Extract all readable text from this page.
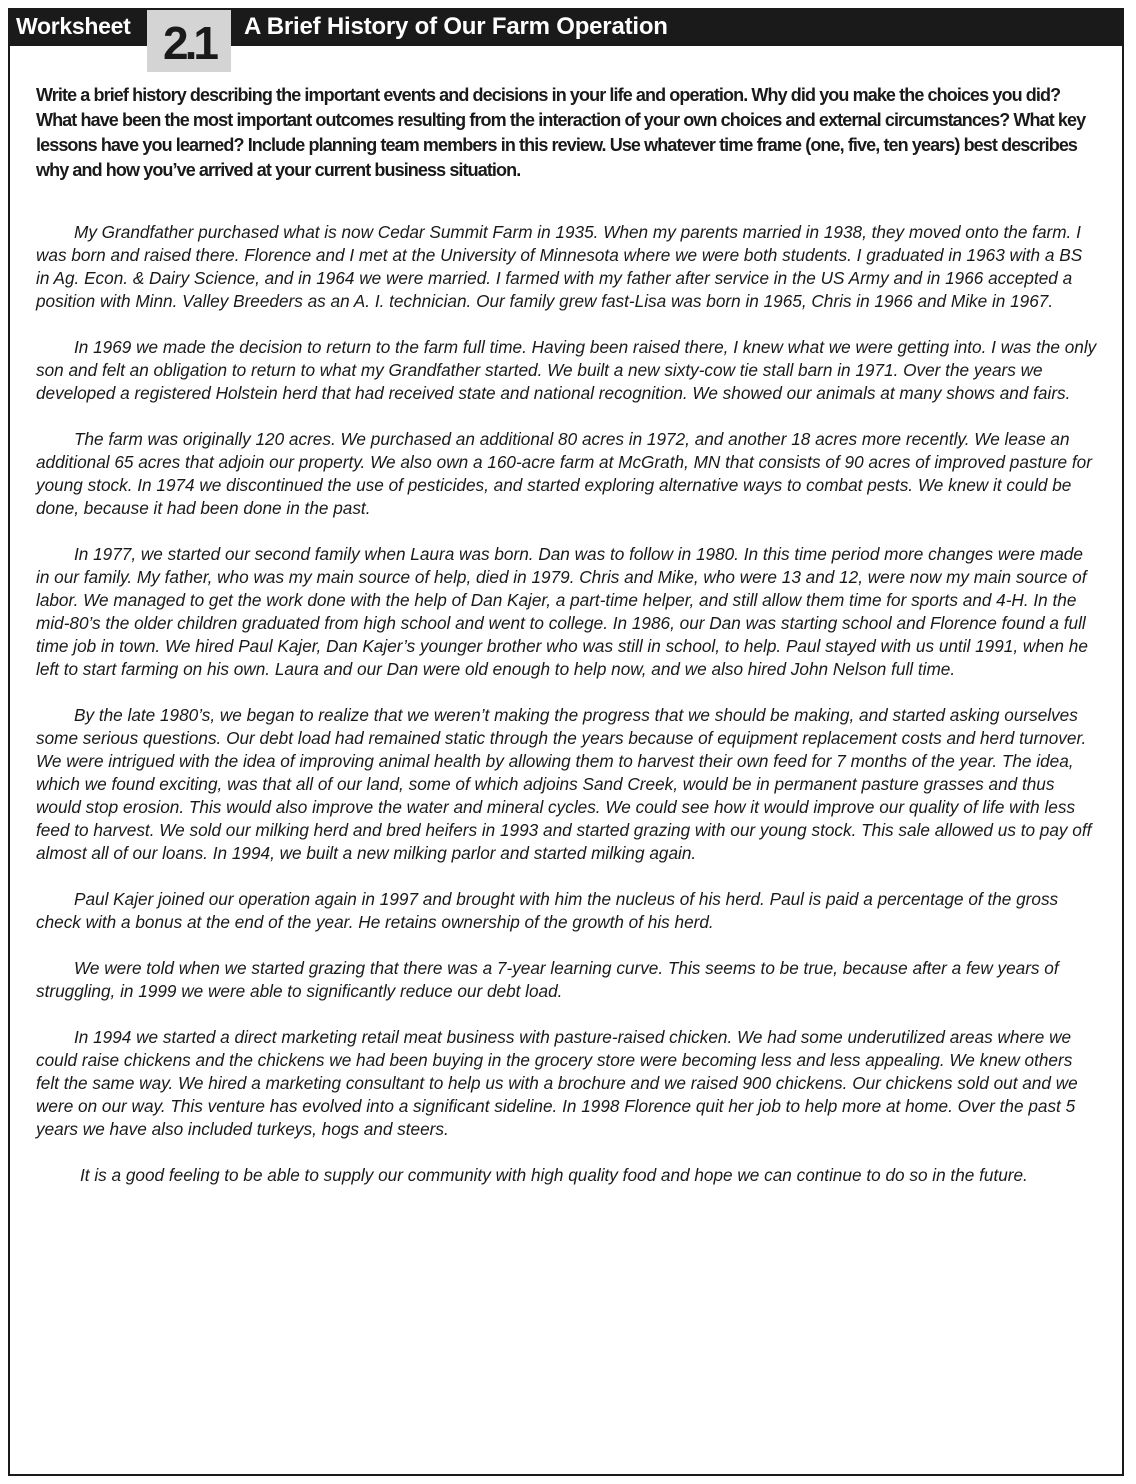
Worksheet 2.1	A Brief History of Our Farm Operation

Write a brief history describing the important events and decisions in your life and operation. Why did you make the choices you did? What have been the most important outcomes resulting from the interaction of your own choices and external circumstances? What key lessons have you learned? Include planning team members in this review. Use whatever time frame (one, five, ten years) best describes why and how you’ve arrived at your current business situation.

My Grandfather purchased what is now Cedar Summit Farm in 1935. When my parents married in 1938, they moved onto the farm. I was born and raised there. Florence and I met at the University of Minnesota where we were both students. I graduated in 1963 with a BS in Ag. Econ. & Dairy Science, and in 1964 we were married. I farmed with my father after service in the US Army and in 1966 accepted a position with Minn. Valley Breeders as an A. I. technician. Our family grew fast-Lisa was born in 1965, Chris in 1966 and Mike in 1967.

In 1969 we made the decision to return to the farm full time. Having been raised there, I knew what we were getting into. I was the only son and felt an obligation to return to what my Grandfather started. We built a new sixty-cow tie stall barn in 1971. Over the years we developed a registered Holstein herd that had received state and national recognition. We showed our animals at many shows and fairs.

The farm was originally 120 acres. We purchased an additional 80 acres in 1972, and another 18 acres more recently. We lease an additional 65 acres that adjoin our property. We also own a 160-acre farm at McGrath, MN that consists of 90 acres of improved pasture for young stock. In 1974 we discontinued the use of pesticides, and started exploring alternative ways to combat pests. We knew it could be done, because it had been done in the past.

In 1977, we started our second family when Laura was born. Dan was to follow in 1980. In this time period more changes were made in our family. My father, who was my main source of help, died in 1979. Chris and Mike, who were 13 and 12, were now my main source of labor. We managed to get the work done with the help of Dan Kajer, a part-time helper, and still allow them time for sports and 4-H. In the mid-80’s the older children graduated from high school and went to college. In 1986, our Dan was starting school and Florence found a full time job in town. We hired Paul Kajer, Dan Kajer’s younger brother who was still in school, to help. Paul stayed with us until 1991, when he left to start farming on his own. Laura and our Dan were old enough to help now, and we also hired John Nelson full time.

By the late 1980’s, we began to realize that we weren’t making the progress that we should be making, and started asking ourselves some serious questions. Our debt load had remained static through the years because of equipment replacement costs and herd turnover. We were intrigued with the idea of improving animal health by allowing them to harvest their own feed for 7 months of the year. The idea, which we found exciting, was that all of our land, some of which adjoins Sand Creek, would be in permanent pasture grasses and thus would stop erosion. This would also improve the water and mineral cycles. We could see how it would improve our quality of life with less feed to harvest. We sold our milking herd and bred heifers in 1993 and started grazing with our young stock. This sale allowed us to pay off almost all of our loans. In 1994, we built a new milking parlor and started milking again.

Paul Kajer joined our operation again in 1997 and brought with him the nucleus of his herd. Paul is paid a percentage of the gross check with a bonus at the end of the year. He retains ownership of the growth of his herd.

We were told when we started grazing that there was a 7-year learning curve. This seems to be true, because after a few years of struggling, in 1999 we were able to significantly reduce our debt load.

In 1994 we started a direct marketing retail meat business with pasture-raised chicken. We had some underutilized areas where we could raise chickens and the chickens we had been buying in the grocery store were becoming less and less appealing. We knew others felt the same way. We hired a marketing consultant to help us with a brochure and we raised 900 chickens. Our chickens sold out and we were on our way. This venture has evolved into a significant sideline. In 1998 Florence quit her job to help more at home. Over the past 5 years we have also included turkeys, hogs and steers.

It is a good feeling to be able to supply our community with high quality food and hope we can continue to do so in the future.
